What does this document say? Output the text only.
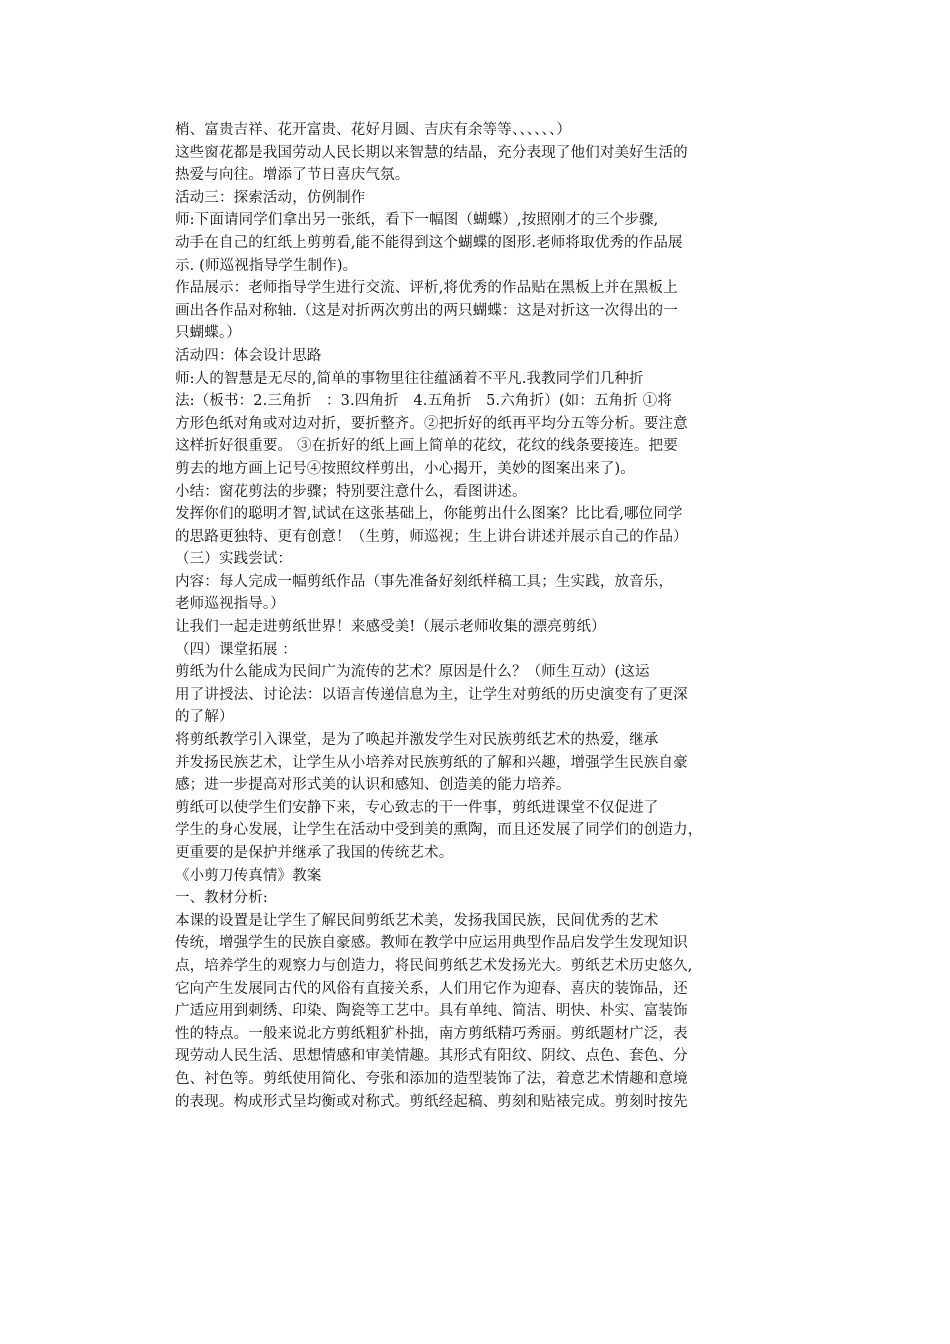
梢、富贵吉祥、花开富贵、花好月圆、吉庆有余等等、、、、、、）
这些窗花都是我国劳动人民长期以来智慧的结晶，充分表现了他们对美好生活的
热爱与向往。增添了节日喜庆气氛。
活动三：探索活动，仿例制作
师:下面请同学们拿出另一张纸，看下一幅图（蝴蝶）,按照刚才的三个步骤,
动手在自己的红纸上剪剪看,能不能得到这个蝴蝶的图形.老师将取优秀的作品展
示. (师巡视指导学生制作)。
作品展示：老师指导学生进行交流、评析,将优秀的作品贴在黑板上并在黑板上
画出各作品对称轴.（这是对折两次剪出的两只蝴蝶：这是对折这一次得出的一
只蝴蝶。）
活动四：体会设计思路
师:人的智慧是无尽的,简单的事物里往往蕴涵着不平凡.我教同学们几种折
法:（板书：2.三角折　：3.四角折　4.五角折　5.六角折）(如：五角折 ①将
方形色纸对角或对边对折，要折整齐。②把折好的纸再平均分五等分析。要注意
这样折好很重要。 ③在折好的纸上画上简单的花纹，花纹的线条要接连。把要
剪去的地方画上记号④按照纹样剪出，小心揭开，美妙的图案出来了)。
小结：窗花剪法的步骤；特别要注意什么，看图讲述。
发挥你们的聪明才智,试试在这张基础上，你能剪出什么图案？比比看,哪位同学
的思路更独特、更有创意！（生剪，师巡视；生上讲台讲述并展示自己的作品）
（三）实践尝试：
内容：每人完成一幅剪纸作品（事先准备好刻纸样稿工具；生实践，放音乐，
老师巡视指导。）
让我们一起走进剪纸世界！来感受美!（展示老师收集的漂亮剪纸）
（四）课堂拓展 ：
剪纸为什么能成为民间广为流传的艺术？原因是什么？（师生互动）(这运
用了讲授法、讨论法：以语言传递信息为主，让学生对剪纸的历史演变有了更深
的了解）
将剪纸教学引入课堂，是为了唤起并激发学生对民族剪纸艺术的热爱，继承
并发扬民族艺术，让学生从小培养对民族剪纸的了解和兴趣，增强学生民族自豪
感；进一步提高对形式美的认识和感知、创造美的能力培养。
剪纸可以使学生们安静下来，专心致志的干一件事，剪纸进课堂不仅促进了
学生的身心发展，让学生在活动中受到美的熏陶，而且还发展了同学们的创造力，
更重要的是保护并继承了我国的传统艺术。
《小剪刀传真情》教案
一、教材分析:
本课的设置是让学生了解民间剪纸艺术美，发扬我国民族，民间优秀的艺术
传统，增强学生的民族自豪感。教师在教学中应运用典型作品启发学生发现知识
点，培养学生的观察力与创造力，将民间剪纸艺术发扬光大。剪纸艺术历史悠久,
它向产生发展同古代的风俗有直接关系，人们用它作为迎春、喜庆的装饰品，还
广适应用到刺绣、印染、陶瓷等工艺中。具有单纯、简洁、明快、朴实、富装饰
性的特点。一般来说北方剪纸粗犷朴拙，南方剪纸精巧秀丽。剪纸题材广泛，表
现劳动人民生活、思想情感和审美情趣。其形式有阳纹、阴纹、点色、套色、分
色、衬色等。剪纸使用简化、夸张和添加的造型装饰了法，着意艺术情趣和意境
的表现。构成形式呈均衡或对称式。剪纸经起稿、剪刻和贴裱完成。剪刻时按先
